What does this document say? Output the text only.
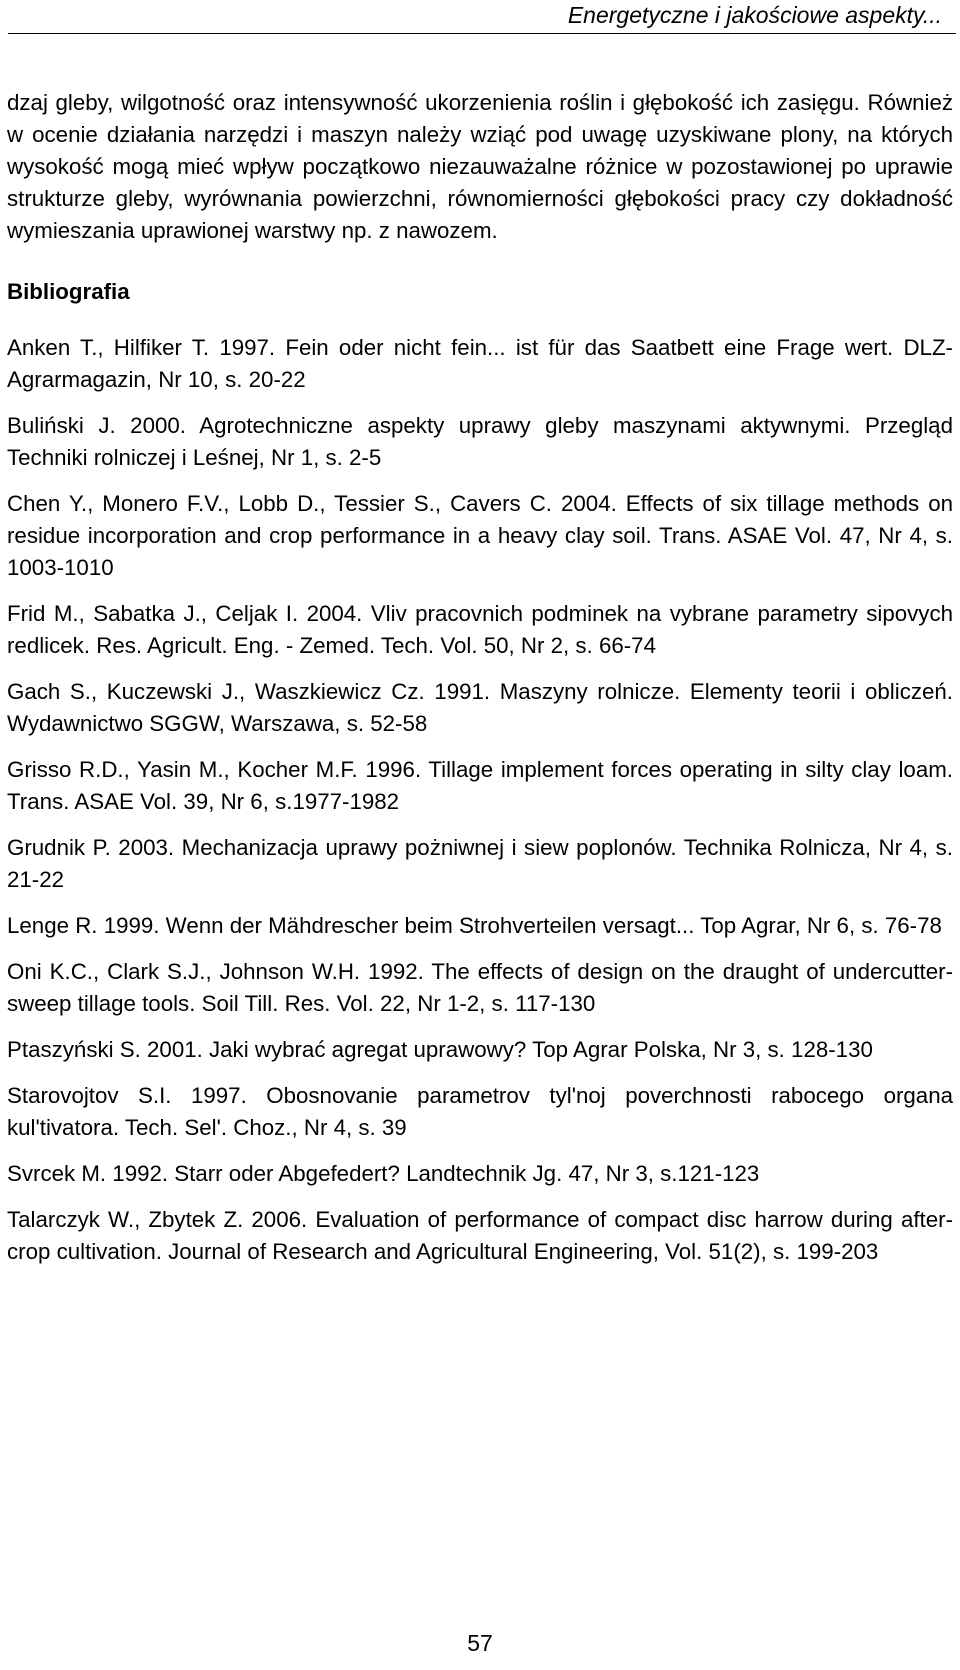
Energetyczne i jakościowe aspekty...

dzaj gleby, wilgotność oraz intensywność ukorzenienia roślin i głębokość ich zasięgu. Również w ocenie działania narzędzi i maszyn należy wziąć pod uwagę uzyskiwane plony, na których wysokość mogą mieć wpływ początkowo niezauważalne różnice w pozostawionej po uprawie strukturze gleby, wyrównania powierzchni, równomierności głębokości pracy czy dokładność wymieszania uprawionej warstwy np. z nawozem.

Bibliografia
Anken T., Hilfiker T. 1997. Fein oder nicht fein... ist für das Saatbett eine Frage wert. DLZ-Agrarmagazin, Nr 10, s. 20-22
Buliński J. 2000. Agrotechniczne aspekty uprawy gleby maszynami aktywnymi. Przegląd Techniki rolniczej i Leśnej, Nr 1, s. 2-5
Chen Y., Monero F.V., Lobb D., Tessier S., Cavers C. 2004. Effects of six tillage methods on residue incorporation and crop performance in a heavy clay soil. Trans. ASAE Vol. 47, Nr 4, s. 1003-1010
Frid M., Sabatka J., Celjak I. 2004. Vliv pracovnich podminek na vybrane parametry sipovych redlicek. Res. Agricult. Eng. - Zemed. Tech. Vol. 50, Nr 2, s. 66-74
Gach S., Kuczewski J., Waszkiewicz Cz. 1991. Maszyny rolnicze. Elementy teorii i obliczeń. Wydawnictwo SGGW, Warszawa, s. 52-58
Grisso R.D., Yasin M., Kocher M.F. 1996. Tillage implement forces operating in silty clay loam. Trans. ASAE Vol. 39, Nr 6, s.1977-1982
Grudnik P. 2003. Mechanizacja uprawy pożniwnej i siew poplonów. Technika Rolnicza, Nr 4, s. 21-22
Lenge R. 1999. Wenn der Mähdrescher beim Strohverteilen versagt... Top Agrar, Nr 6, s. 76-78
Oni K.C., Clark S.J., Johnson W.H. 1992. The effects of design on the draught of undercutter-sweep tillage tools. Soil Till. Res. Vol. 22, Nr 1-2, s. 117-130
Ptaszyński S. 2001. Jaki wybrać agregat uprawowy? Top Agrar Polska, Nr 3, s. 128-130
Starovojtov S.I. 1997. Obosnovanie parametrov tyl'noj poverchnosti rabocego organa kul'tivatora. Tech. Sel'. Choz., Nr 4, s. 39
Svrcek M. 1992. Starr oder Abgefedert? Landtechnik Jg. 47, Nr 3, s.121-123
Talarczyk W., Zbytek Z. 2006. Evaluation of performance of compact disc harrow during after-crop cultivation. Journal of Research and Agricultural Engineering, Vol. 51(2), s. 199-203
57
